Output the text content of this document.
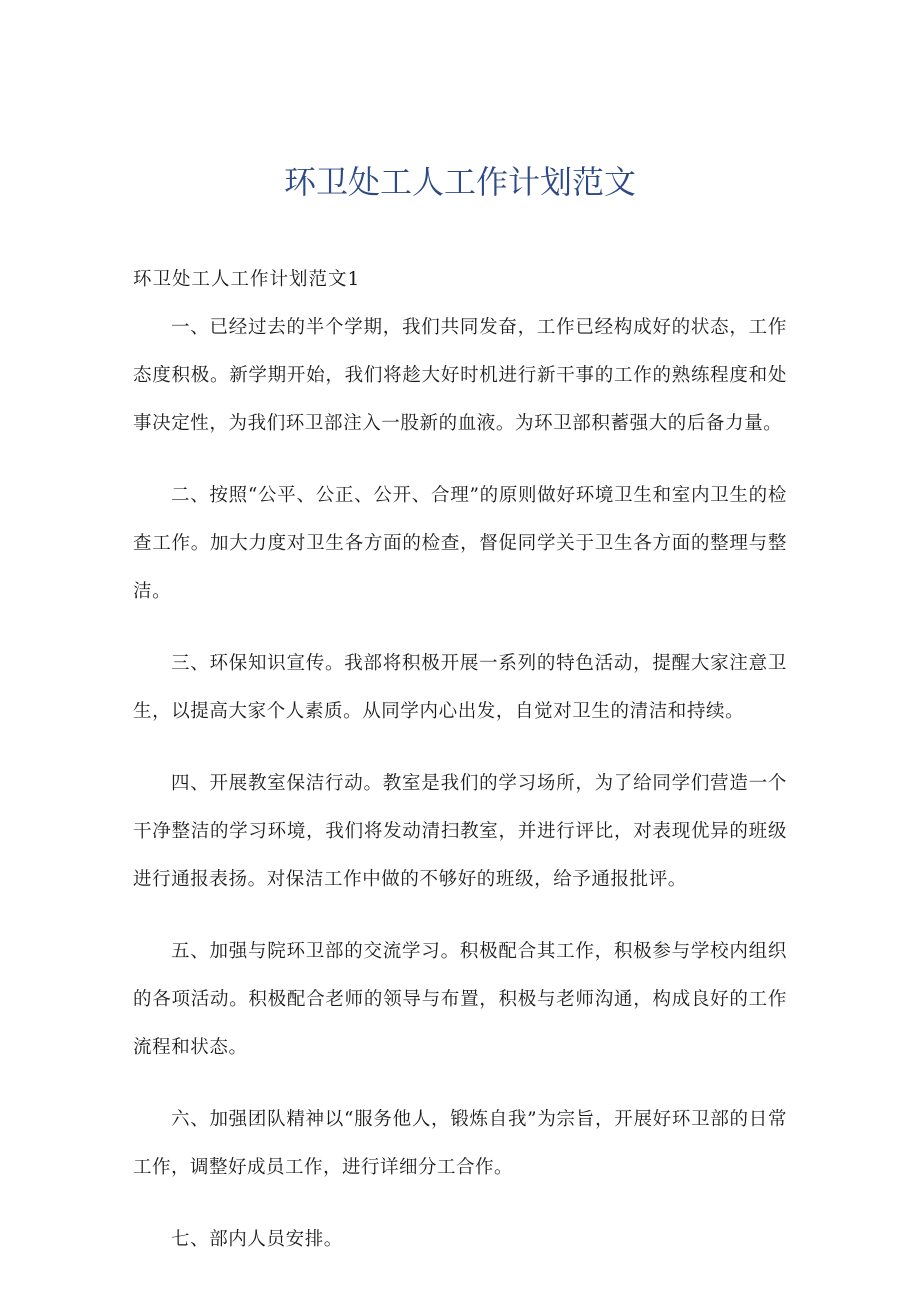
环卫处工人工作计划范文

环卫处工人工作计划范文1

一、已经过去的半个学期，我们共同发奋，工作已经构成好的状态，工作态度积极。新学期开始，我们将趁大好时机进行新干事的工作的熟练程度和处事决定性，为我们环卫部注入一股新的血液。为环卫部积蓄强大的后备力量。

二、按照“公平、公正、公开、合理”的原则做好环境卫生和室内卫生的检查工作。加大力度对卫生各方面的检查，督促同学关于卫生各方面的整理与整洁。

三、环保知识宣传。我部将积极开展一系列的特色活动，提醒大家注意卫生，以提高大家个人素质。从同学内心出发，自觉对卫生的清洁和持续。

四、开展教室保洁行动。教室是我们的学习场所，为了给同学们营造一个干净整洁的学习环境，我们将发动清扫教室，并进行评比，对表现优异的班级进行通报表扬。对保洁工作中做的不够好的班级，给予通报批评。

五、加强与院环卫部的交流学习。积极配合其工作，积极参与学校内组织的各项活动。积极配合老师的领导与布置，积极与老师沟通，构成良好的工作流程和状态。

六、加强团队精神以“服务他人，锻炼自我”为宗旨，开展好环卫部的日常工作，调整好成员工作，进行详细分工合作。

七、部内人员安排。
